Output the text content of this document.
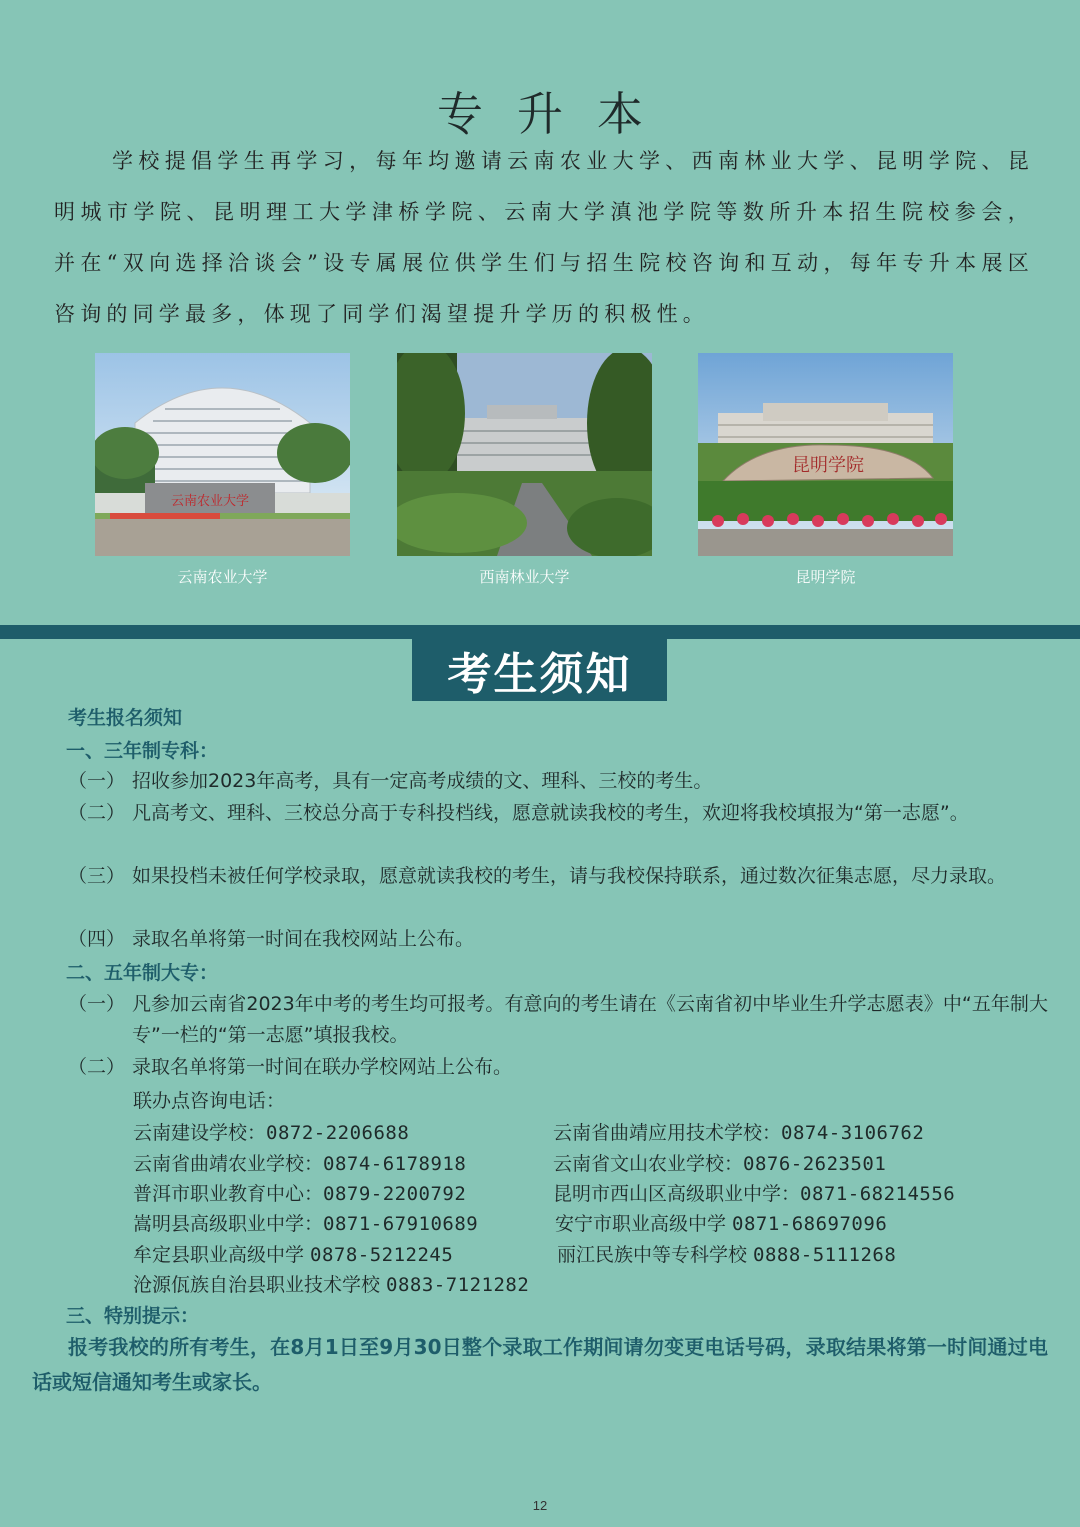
专升本
学校提倡学生再学习，每年均邀请云南农业大学、西南林业大学、昆明学院、昆明城市学院、昆明理工大学津桥学院、云南大学滇池学院等数所升本招生院校参会，并在“双向选择洽谈会”设专属展位供学生们与招生院校咨询和互动，每年专升本展区咨询的同学最多，体现了同学们渴望提升学历的积极性。
云南农业大学
云南农业大学	西南林业大学
昆明学院
昆明学院
考生须知
考生报名须知
一、三年制专科：
（一） 招收参加2023年高考，具有一定高考成绩的文、理科、三校的考生。
（二） 凡高考文、理科、三校总分高于专科投档线，愿意就读我校的考生，欢迎将我校填报为“第一志愿”。
（三） 如果投档未被任何学校录取，愿意就读我校的考生，请与我校保持联系，通过数次征集志愿，尽力录取。
（四） 录取名单将第一时间在我校网站上公布。
二、五年制大专：
（一） 凡参加云南省2023年中考的考生均可报考。有意向的考生请在《云南省初中毕业生升学志愿表》中“五年制大专”一栏的“第一志愿”填报我校。
（二） 录取名单将第一时间在联办学校网站上公布。
联办点咨询电话：
云南建设学校：0872-2206688	云南省曲靖应用技术学校：0874-3106762
云南省曲靖农业学校：0874-6178918	云南省文山农业学校：0876-2623501
普洱市职业教育中心：0879-2200792	昆明市西山区高级职业中学：0871-68214556
嵩明县高级职业中学：0871-67910689	安宁市职业高级中学 0871-68697096
牟定县职业高级中学 0878-5212245	丽江民族中等专科学校 0888-5111268
沧源佤族自治县职业技术学校 0883-7121282
三、特别提示：
报考我校的所有考生，在8月1日至9月30日整个录取工作期间请勿变更电话号码，录取结果将第一时间通过电话或短信通知考生或家长。
12
